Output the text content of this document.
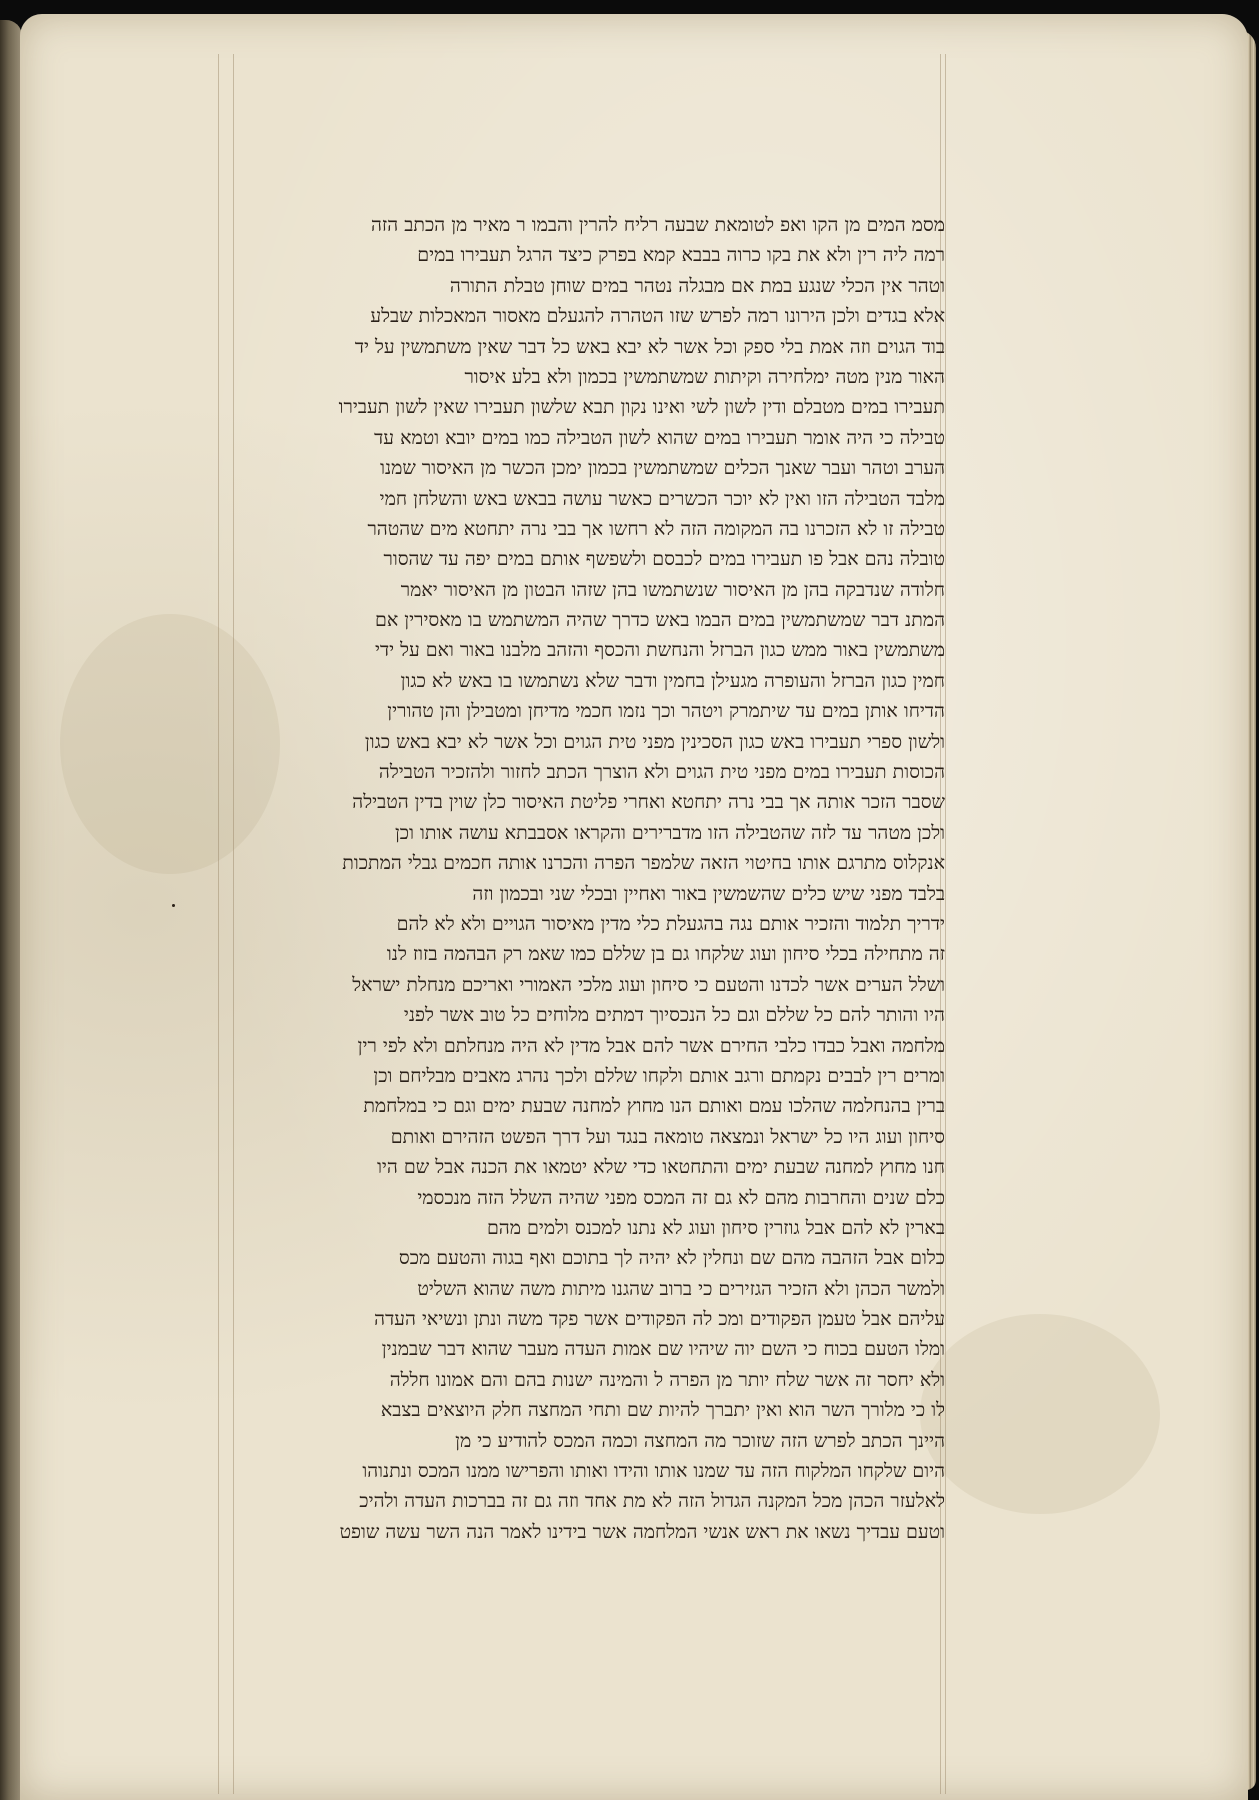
מסמ המים מן הקו ואפ לטומאת שבעה רליח להרין והבמו ר מאיר מן הכתב הזה
רמה ליה רין ולא את בקו כרוה בבבא קמא בפרק כיצד הרגל תעבירו במים
וטהר אין הכלי שנגע במת אם מבגלה נטהר במים שוחן טבלת התורה
אלא בגדים ולכן הירונו רמה לפרש שזו הטהרה להגעלם מאסור המאכלות שבלע
בוד הגוים וזה אמת בלי ספק וכל אשר לא יבא באש כל דבר שאין משתמשין על יד
האור מנין מטה ימלחירה וקיתות שמשתמשין בכמון ולא בלע איסור
תעבירו במים מטבלם ודין לשון לשי ואינו נקון תבא שלשון תעבירו שאין לשון תעבירו
טבילה כי היה אומר תעבירו במים שהוא לשון הטבילה כמו במים יובא וטמא עד
הערב וטהר ועבר שאנך הכלים שמשתמשין בכמון ימכן הכשר מן האיסור שמנו
מלבד הטבילה הזו ואין לא יוכר הכשרים כאשר עושה בבאש באש והשלחן חמי
טבילה זו לא הזכרנו בה המקומה הזה לא רחשו אך בבי נרה יתחטא מים שהטהר
טובלה נהם אבל פו תעבירו במים לכבסם ולשפשף אותם במים יפה עד שהסור
חלודה שנדבקה בהן מן האיסור שנשתמשו בהן שזהו הבטון מן האיסור יאמר
המתנ דבר שמשתמשין במים הבמו באש כדרך שהיה המשתמש בו מאסירין אם
משתמשין באור ממש כגון הברזל והנחשת והכסף והזהב מלבנו באור ואם על ידי
חמין כגון הברזל והעופרה מגעילן בחמין ודבר שלא נשתמשו בו באש לא כגון
הדיחו אותן במים עד שיתמרק ויטהר וכך נזמו חכמי מדיחן ומטבילן והן טהורין
ולשון ספרי תעבירו באש כגון הסכינין מפני טית הגוים וכל אשר לא יבא באש כגון
הכוסות תעבירו במים מפני טית הגוים ולא הוצרך הכתב לחזור ולהזכיר הטבילה
שסבר הזכר אותה אך בבי נרה יתחטא ואחרי פליטת האיסור כלן שוין בדין הטבילה
ולכן מטהר עד לזה שהטבילה הזו מדברירים והקראו אסבבתא עושה אותו וכן
אנקלוס מתרגם אותו בחיטוי הזאה שלמפר הפרה והכרנו אותה חכמים גבלי המתכות
בלבד מפני שיש כלים שהשמשין באור ואחיין ובכלי שני ובכמון וזה
ידריך תלמוד והזכיר אותם נגה בהגעלת כלי מדין מאיסור הגויים ולא לא להם
זה מתחילה בכלי סיחון ועוג שלקחו גם בן שללם כמו שאמ רק הבהמה בזוז לנו
ושלל הערים אשר לכדנו והטעם כי סיחון ועוג מלכי האמורי ואריכם מנחלת ישראל
היו והותר להם כל שללם וגם כל הנכסיוך דמתים מלוחים כל טוב אשר לפני
מלחמה ואבל כבדו כלבי החירם אשר להם אבל מדין לא היה מנחלתם ולא לפי רין
ומרים רין לבבים נקמתם ורגב אותם ולקחו שללם ולכך נהרג מאבים מבליחם וכן
ברין בהנחלמה שהלכו עמם ואותם הנו מחוץ למחנה שבעת ימים וגם כי במלחמת
סיחון ועוג היו כל ישראל ונמצאה טומאה בנגד ועל דרך הפשט הזהירם ואותם
חנו מחוץ למחנה שבעת ימים והתחטאו כדי שלא יטמאו את הכנה אבל שם היו
כלם שנים והחרבות מהם לא גם זה המכס מפני שהיה השלל הזה מנכסמי
בארין לא להם אבל גוזרין סיחון ועוג לא נתנו למכנס ולמים מהם
כלום אבל הזהבה מהם שם ונחלין לא יהיה לך בתוכם ואף בגוה והטעם מכס
ולמשר הכהן ולא הזכיר הגזירים כי ברוב שהגנו מיתות משה שהוא השליט
עליהם אבל טעמן הפקודים ומכ לה הפקודים אשר פקד משה ונתן ונשיאי העדה
ומלו הטעם בכוח כי השם יוה שיהיו שם אמות העדה מעבר שהוא דבר שבמנין
ולא יחסר זה אשר שלח יותר מן הפרה ל והמינה ישנות בהם והם אמונו חללה
לו כי מלורך השר הוא ואין יתברך להיות שם ותחי המחצה חלק היוצאים בצבא
היינך הכתב לפרש הזה שזוכר מה המחצה וכמה המכס להודיע כי מן
היום שלקחו המלקוח הזה עד שמנו אותו והידו ואותו והפרישו ממנו המכס ונתנוהו
לאלעזר הכהן מכל המקנה הגדול הזה לא מת אחד וזה גם זה בברכות העדה ולהיכ
וטעם עבדיך נשאו את ראש אנשי המלחמה אשר בידינו לאמר הנה השר עשה שופט
